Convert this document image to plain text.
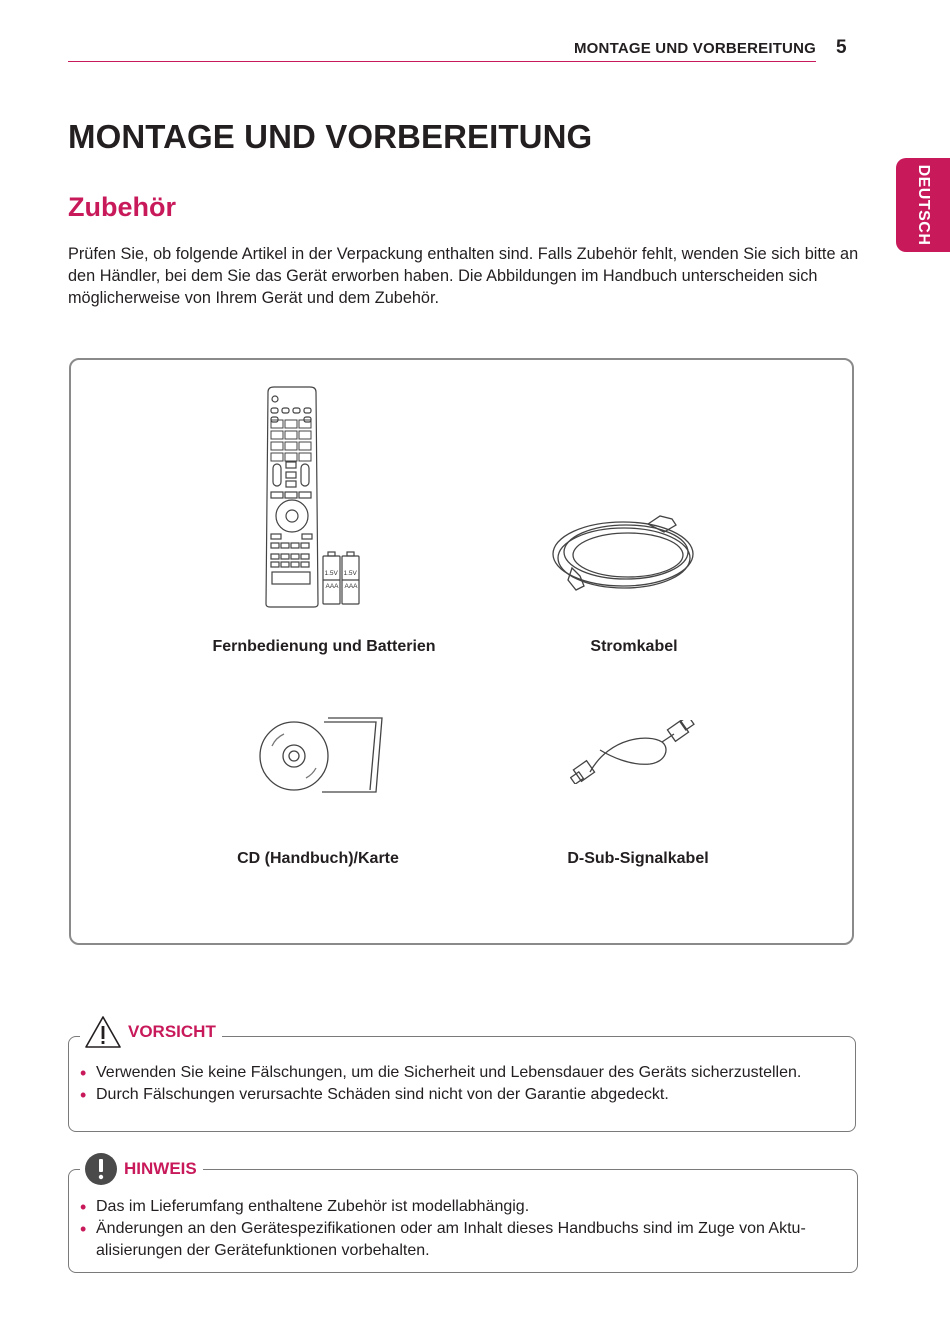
MONTAGE UND VORBEREITUNG 5
DEUTSCH
MONTAGE UND VORBEREITUNG
Zubehör

Prüfen Sie, ob folgende Artikel in der Verpackung enthalten sind. Falls Zubehör fehlt, wenden Sie sich bitte an den Händler, bei dem Sie das Gerät erworben haben. Die Abbildungen im Handbuch unterscheiden sich möglicherweise von Ihrem Gerät und dem Zubehör.

1.5V 1.5V
AAA AAA
Fernbedienung und Batterien	Stromkabel
CD (Handbuch)/Karte	D-Sub-Signalkabel
VORSICHT
• Verwenden Sie keine Fälschungen, um die Sicherheit und Lebensdauer des Geräts sicherzustellen.
• Durch Fälschungen verursachte Schäden sind nicht von der Garantie abgedeckt.
HINWEIS
• Das im Lieferumfang enthaltene Zubehör ist modellabhängig.
• Änderungen an den Gerätespezifikationen oder am Inhalt dieses Handbuchs sind im Zuge von Aktu-alisierungen der Gerätefunktionen vorbehalten.
